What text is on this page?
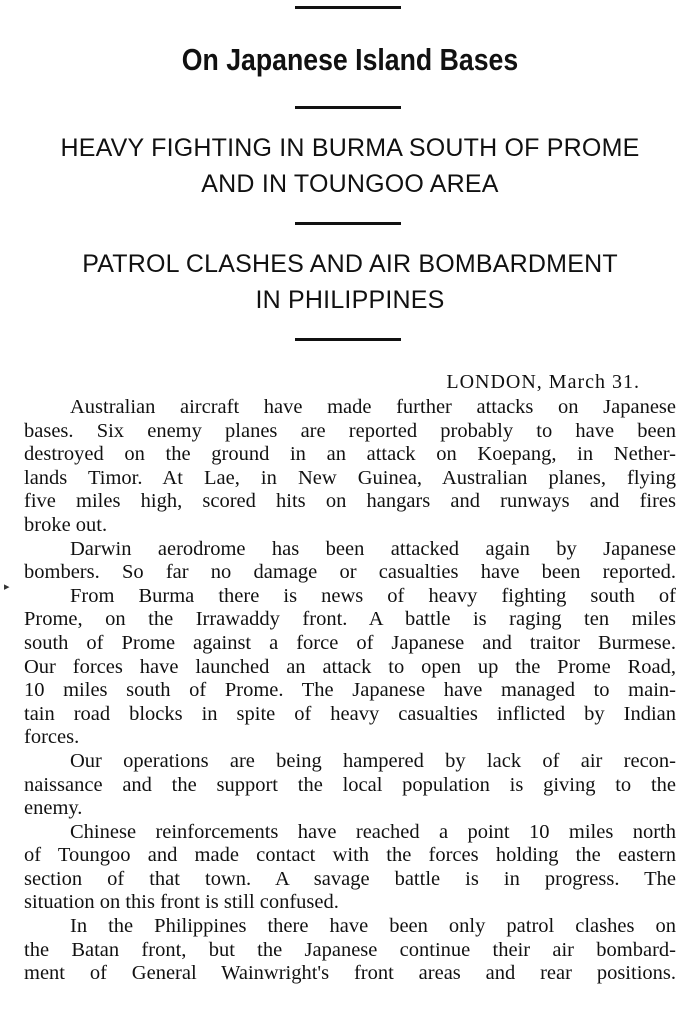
On Japanese Island Bases
HEAVY FIGHTING IN BURMA SOUTH OF PROME
AND IN TOUNGOO AREA
PATROL CLASHES AND AIR BOMBARDMENT
IN PHILIPPINES
LONDON, March 31.
▸
Australian aircraft have made further attacks on Japanese
bases. Six enemy planes are reported probably to have been
destroyed on the ground in an attack on Koepang, in Nether-
lands Timor. At Lae, in New Guinea, Australian planes, flying
five miles high, scored hits on hangars and runways and fires
broke out.
Darwin aerodrome has been attacked again by Japanese
bombers. So far no damage or casualties have been reported.
From Burma there is news of heavy fighting south of
Prome, on the Irrawaddy front. A battle is raging ten miles
south of Prome against a force of Japanese and traitor Burmese.
Our forces have launched an attack to open up the Prome Road,
10 miles south of Prome. The Japanese have managed to main-
tain road blocks in spite of heavy casualties inflicted by Indian
forces.
Our operations are being hampered by lack of air recon-
naissance and the support the local population is giving to the
enemy.
Chinese reinforcements have reached a point 10 miles north
of Toungoo and made contact with the forces holding the eastern
section of that town. A savage battle is in progress. The
situation on this front is still confused.
In the Philippines there have been only patrol clashes on
the Batan front, but the Japanese continue their air bombard-
ment of General Wainwright's front areas and rear positions.
